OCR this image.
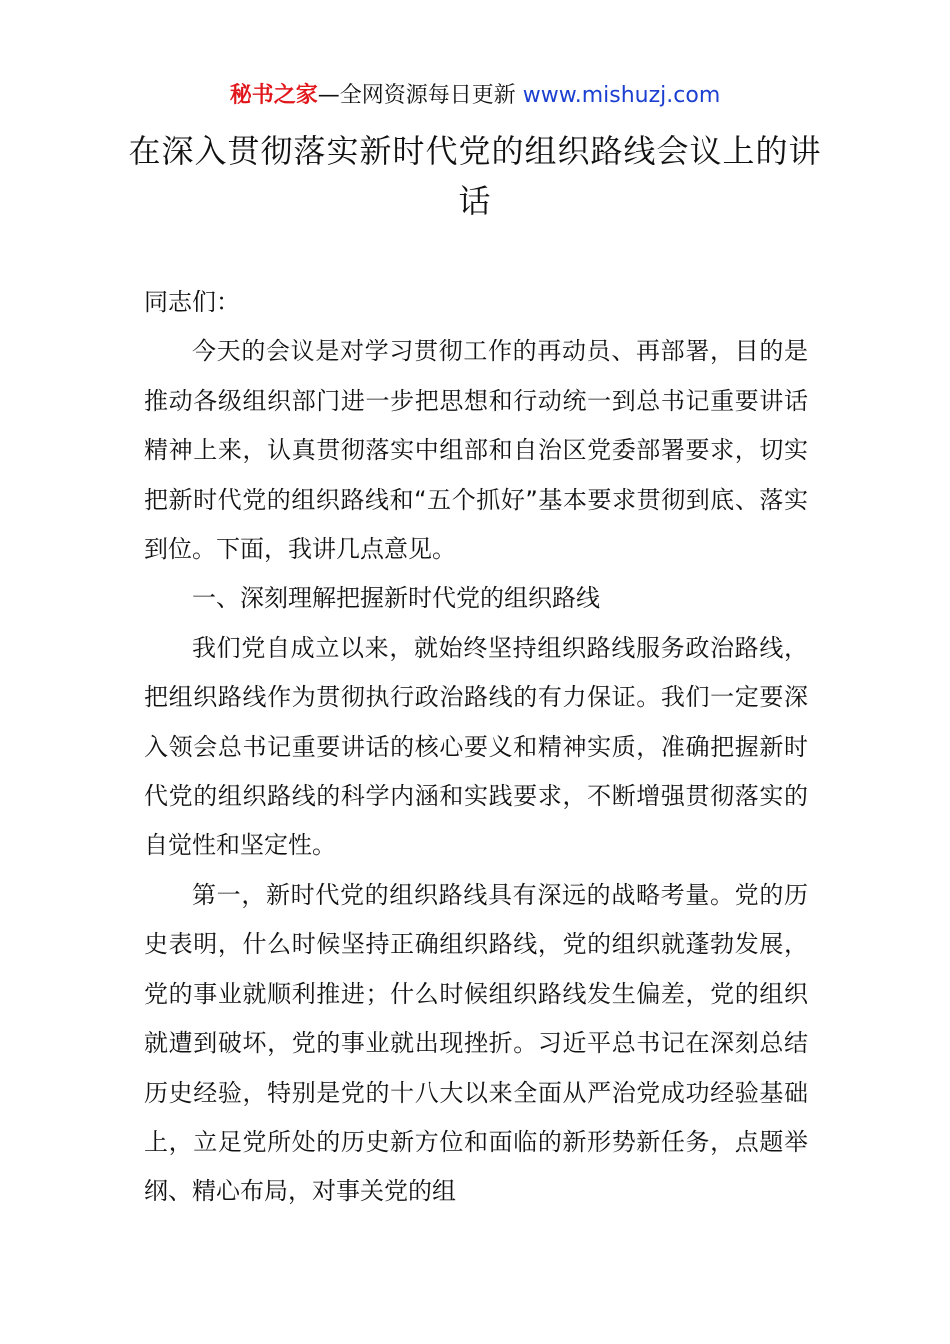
秘书之家—全网资源每日更新 www.mishuzj.com
在深入贯彻落实新时代党的组织路线会议上的讲话

同志们：

今天的会议是对学习贯彻工作的再动员、再部署，目的是推动各级组织部门进一步把思想和行动统一到总书记重要讲话精神上来，认真贯彻落实中组部和自治区党委部署要求，切实把新时代党的组织路线和“五个抓好”基本要求贯彻到底、落实到位。下面，我讲几点意见。

一、深刻理解把握新时代党的组织路线

我们党自成立以来，就始终坚持组织路线服务政治路线，把组织路线作为贯彻执行政治路线的有力保证。我们一定要深入领会总书记重要讲话的核心要义和精神实质，准确把握新时代党的组织路线的科学内涵和实践要求，不断增强贯彻落实的自觉性和坚定性。

第一，新时代党的组织路线具有深远的战略考量。党的历史表明，什么时候坚持正确组织路线，党的组织就蓬勃发展，党的事业就顺利推进；什么时候组织路线发生偏差，党的组织就遭到破坏，党的事业就出现挫折。习近平总书记在深刻总结历史经验，特别是党的十八大以来全面从严治党成功经验基础上，立足党所处的历史新方位和面临的新形势新任务，点题举纲、精心布局，对事关党的组
